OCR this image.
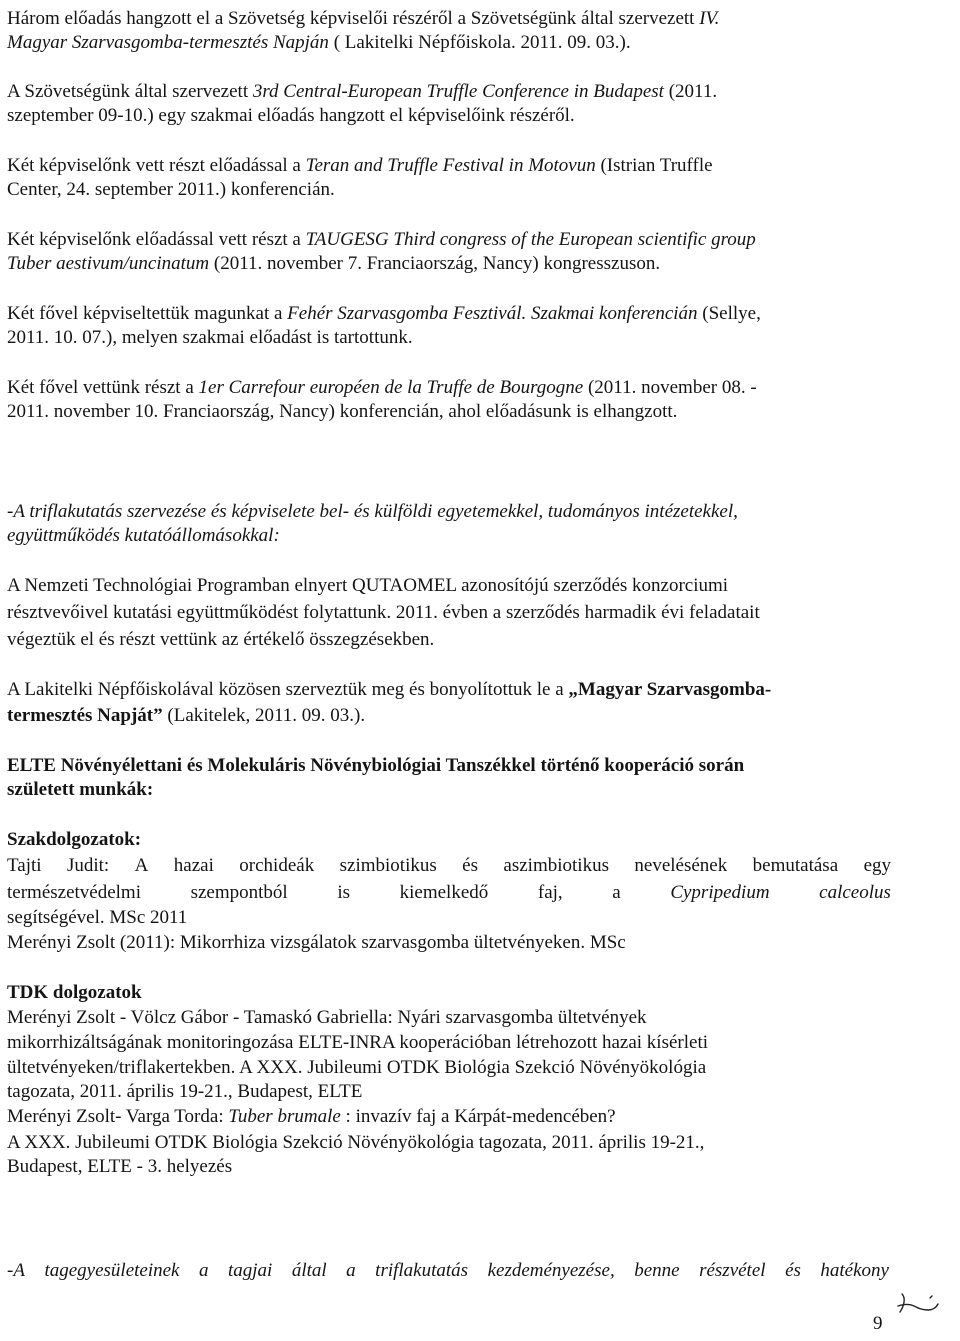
Három előadás hangzott el a Szövetség képviselői részéről a Szövetségünk által szervezett IV.
Magyar Szarvasgomba-termesztés Napján ( Lakitelki Népfőiskola. 2011. 09. 03.).
A Szövetségünk által szervezett 3rd Central-European Truffle Conference in Budapest (2011.
szeptember 09-10.) egy szakmai előadás hangzott el képviselőink részéről.
Két képviselőnk vett részt előadással a Teran and Truffle Festival in Motovun (Istrian Truffle
Center, 24. september 2011.) konferencián.
Két képviselőnk előadással vett részt a TAUGESG Third congress of the European scientific group
Tuber aestivum/uncinatum (2011. november 7. Franciaország, Nancy) kongresszuson.
Két fővel képviseltettük magunkat a Fehér Szarvasgomba Fesztivál. Szakmai konferencián (Sellye,
2011. 10. 07.), melyen szakmai előadást is tartottunk.
Két fővel vettünk részt a 1er Carrefour européen de la Truffe de Bourgogne (2011. november 08. -
2011. november 10. Franciaország, Nancy) konferencián, ahol előadásunk is elhangzott.
-A triflakutatás szervezése és képviselete bel- és külföldi egyetemekkel, tudományos intézetekkel,
együttműködés kutatóállomásokkal:
A Nemzeti Technológiai Programban elnyert QUTAOMEL azonosítójú szerződés konzorciumi
résztvevőivel kutatási együttműködést folytattunk. 2011. évben a szerződés harmadik évi feladatait
végeztük el és részt vettünk az értékelő összegzésekben.
A Lakitelki Népfőiskolával közösen szerveztük meg és bonyolítottuk le a „Magyar Szarvasgomba-
termesztés Napját” (Lakitelek, 2011. 09. 03.).
ELTE Növényélettani és Molekuláris Növénybiológiai Tanszékkel történő kooperáció során
született munkák:
Szakdolgozatok:
Tajti Judit: A hazai orchideák szimbiotikus és aszimbiotikus nevelésének bemutatása egy
természetvédelmi	szempontból	is	kiemelkedő	faj,	a	Cypripedium	calceolus
segítségével. MSc 2011
Merényi Zsolt (2011): Mikorrhiza vizsgálatok szarvasgomba ültetvényeken. MSc
TDK dolgozatok
Merényi Zsolt - Völcz Gábor - Tamaskó Gabriella: Nyári szarvasgomba ültetvények
mikorrhizáltságának monitoringozása ELTE-INRA kooperációban létrehozott hazai kísérleti
ültetvényeken/triflakertekben. A XXX. Jubileumi OTDK Biológia Szekció Növényökológia
tagozata, 2011. április 19-21., Budapest, ELTE
Merényi Zsolt- Varga Torda: Tuber brumale : invazív faj a Kárpát-medencében?
A XXX. Jubileumi OTDK Biológia Szekció Növényökológia tagozata, 2011. április 19-21.,
Budapest, ELTE - 3. helyezés
-A tagegyesületeinek a tagjai által a triflakutatás kezdeményezése, benne részvétel és hatékony
9
